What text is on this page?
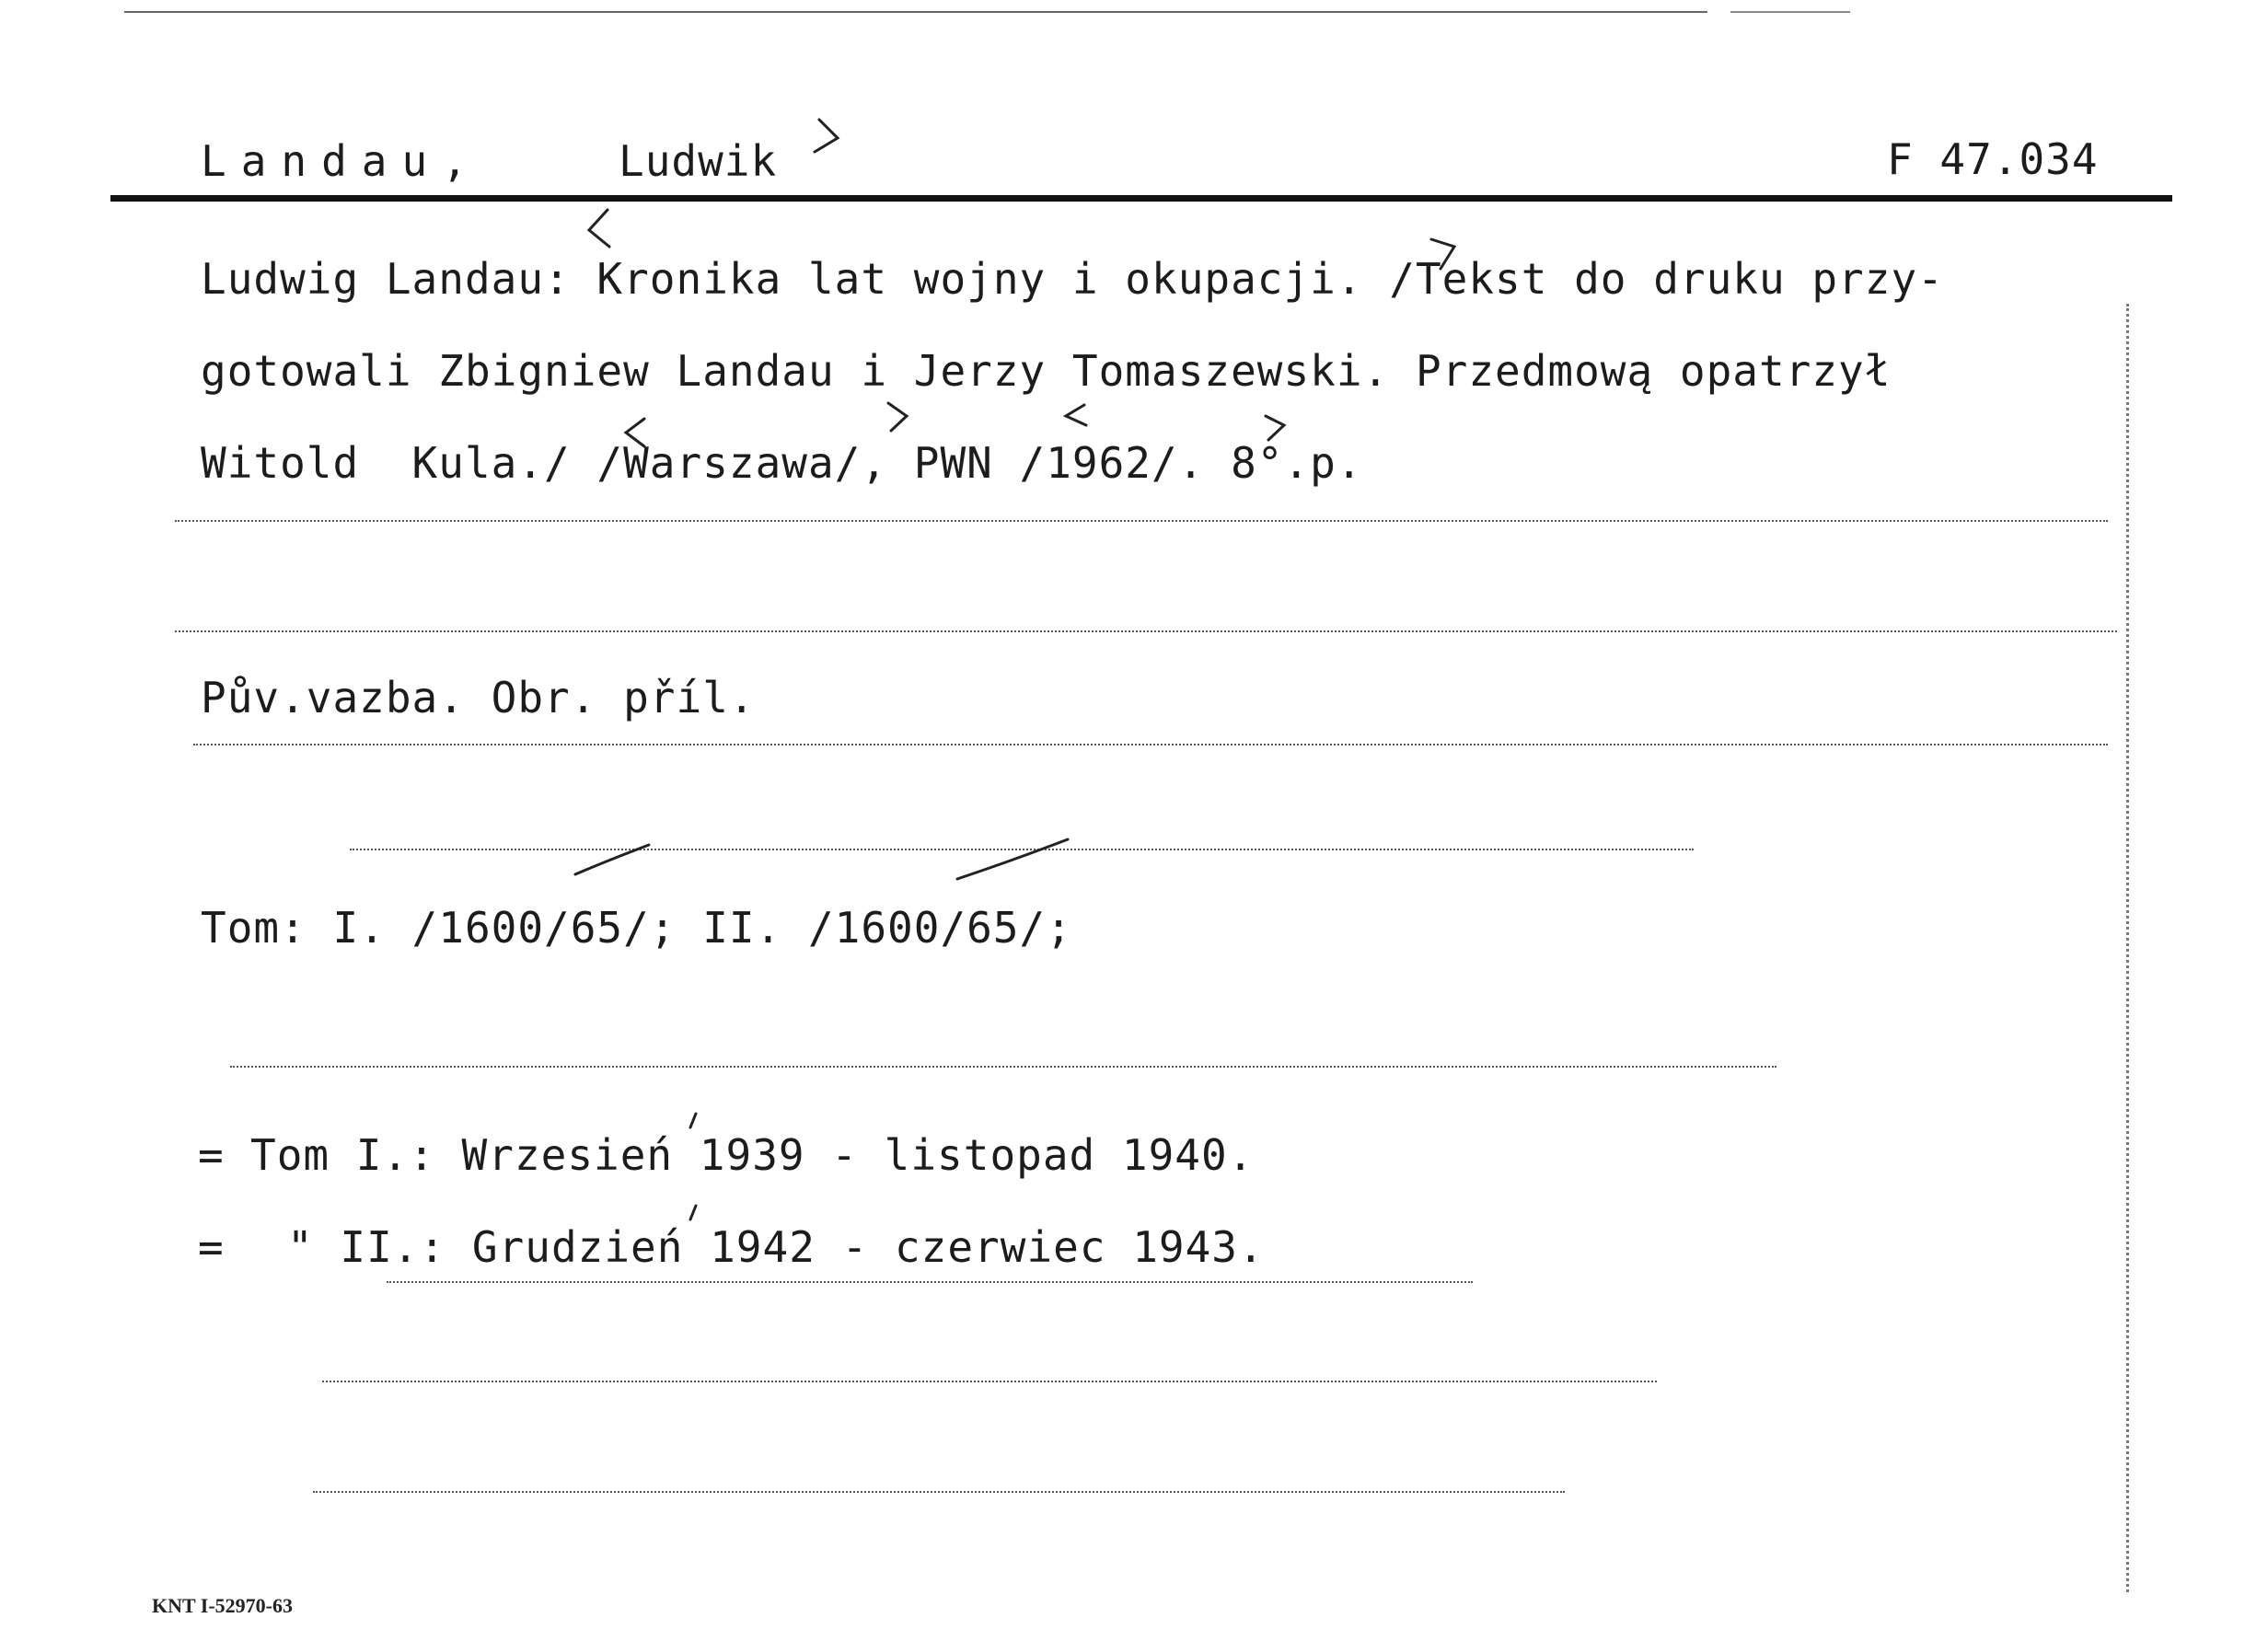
Landau,	Ludwik	F 47.034
Ludwig Landau: Kronika lat wojny i okupacji. /Tekst do druku przy-
gotowali Zbigniew Landau i Jerzy Tomaszewski. Przedmową opatrzył
Witold  Kula./ /Warszawa/, PWN /1962/. 8°.p.
Pův.vazba. Obr. příl.
Tom: I. /1600/65/; II. /1600/65/;
= Tom I.: Wrzesień 1939 - listopad 1940.
= " II.: Grudzień 1942 - czerwiec 1943.
KNT I-52970-63
